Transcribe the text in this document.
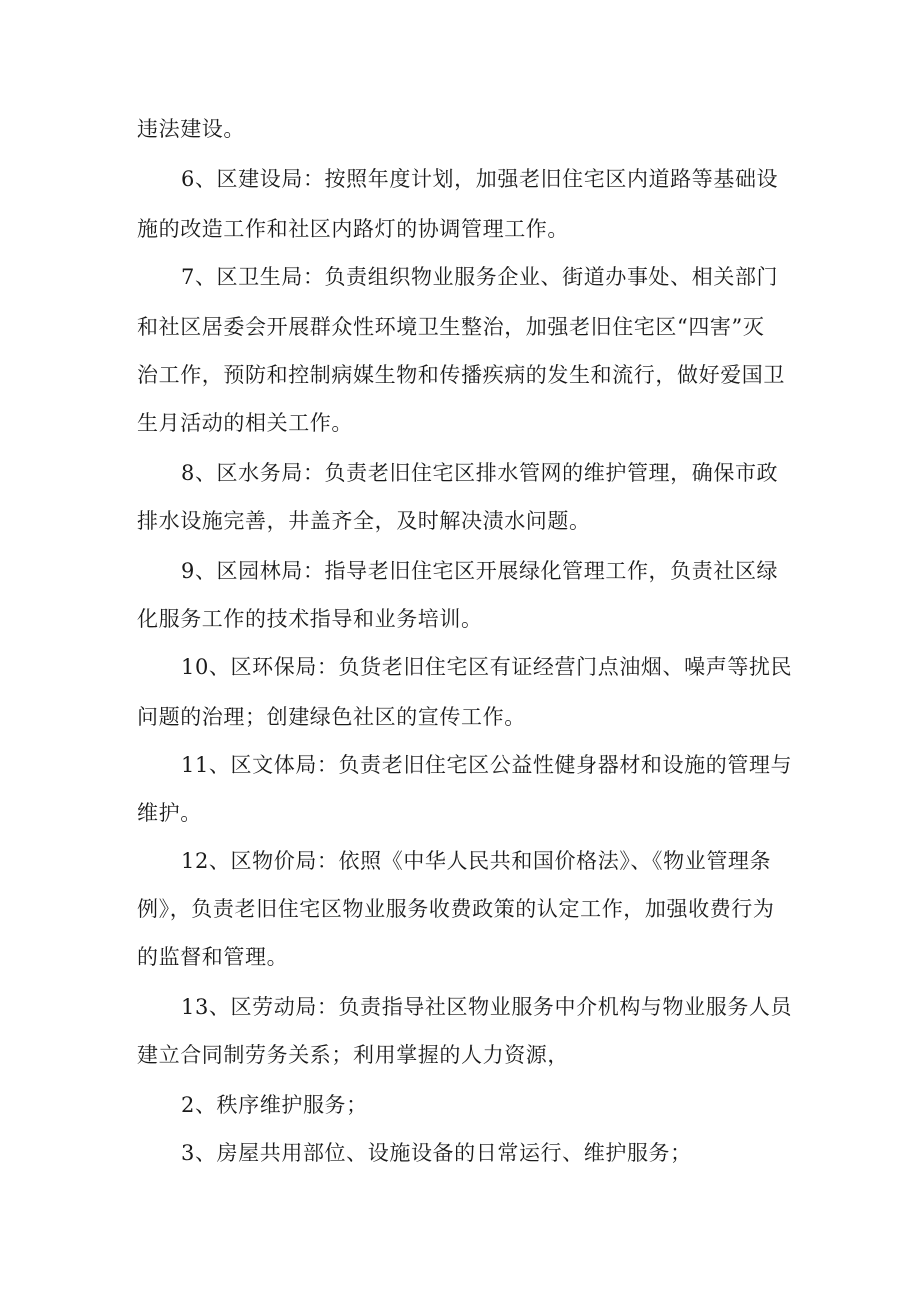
违法建设。
6、区建设局：按照年度计划，加强老旧住宅区内道路等基础设
施的改造工作和社区内路灯的协调管理工作。
7、区卫生局：负责组织物业服务企业、街道办事处、相关部门
和社区居委会开展群众性环境卫生整治，加强老旧住宅区“四害”灭
治工作，预防和控制病媒生物和传播疾病的发生和流行，做好爱国卫
生月活动的相关工作。
8、区水务局：负责老旧住宅区排水管网的维护管理，确保市政
排水设施完善，井盖齐全，及时解决渍水问题。
9、区园林局：指导老旧住宅区开展绿化管理工作，负责社区绿
化服务工作的技术指导和业务培训。
10、区环保局：负货老旧住宅区有证经营门点油烟、噪声等扰民
问题的治理；创建绿色社区的宣传工作。
11、区文体局：负责老旧住宅区公益性健身器材和设施的管理与
维护。
12、区物价局：依照《中华人民共和国价格法》、《物业管理条
例》，负责老旧住宅区物业服务收费政策的认定工作，加强收费行为
的监督和管理。
13、区劳动局：负责指导社区物业服务中介机构与物业服务人员
建立合同制劳务关系；利用掌握的人力资源，
2、秩序维护服务；
3、房屋共用部位、设施设备的日常运行、维护服务；
